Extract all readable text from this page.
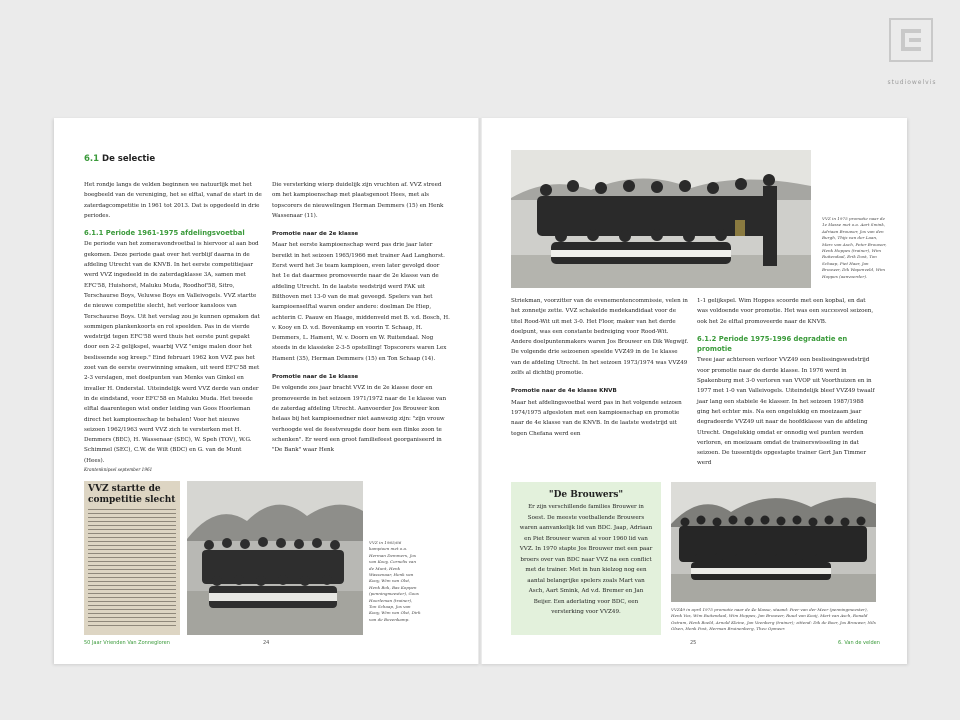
studiowelvis
6.1 De selectie

Het rondje langs de velden beginnen we natuurlijk met het boegbeeld van de vereniging, het se elftal, vanaf de start in de zaterdagcompetitie in 1961 tot 2013. Dat is opgedeeld in drie periodes.

6.1.1 Periode 1961-1975 afdelingsvoetbal

De periode van het zomeravondvoetbal is hiervoor al aan bod gekomen. Deze periode gaat over het verblijf daarna in de afdeling Utrecht van de KNVB. In het eerste competitiejaar werd VVZ ingedeeld in de zaterdagklasse 3A, samen met EFC'58, Huishorst, Maluku Muda, Roodhof'58, Sitro, Terschaurse Boys, Veluwse Boys en Valleivogels. VVZ startte de nieuwe competitie slecht, het verloor kansloos van Terschaurse Boys. Uit het verslag zou je kunnen opmaken dat sommigen plankenkoorts en rol speelden. Pas in de vierde wedstrijd tegen EFC'58 werd thuis het eerste punt gepakt door een 2-2 gelijkspel, waarbij VVZ "enige malen door het beslissende sog kreep." Eind februari 1962 kon VVZ pas het zoet van de eerste overwinning smaken, uit werd EFC'58 met 2-3 verslagen, met doelpunten van Menks van Ginkel en invaller H. Onderstal. Uiteindelijk werd VVZ derde van onder in de eindstand, voor EFC'58 en Maluku Muda. Het tweede elftal daarentegen wist onder leiding van Goos Hoorleman direct het kampioenschap te behalen! Voor het nieuwe seizoen 1962/1963 werd VVZ zich te versterken met H. Demmers (BEC), H. Wassenaar (SEC), W. Speh (TOV), W.G. Schimmel (SEC), C.W. de Wilt (BDC) en G. van de Munt (Hees).

Krantenknipsel september 1961

Die versterking wierp duidelijk zijn vruchten af. VVZ streed om het kampioenschap met plaatsgenoot Hees, met als topscorers de nieuwelingen Herman Demmers (15) en Henk Wassenaar (11).

Promotie naar de 2e klasse

Maar het eerste kampioenschap werd pas drie jaar later bereikt in het seizoen 1965/1966 met trainer Aad Langhorst. Eerst werd het 3e team kampioen, even later gevolgd door het 1e dat daarmee promoveerde naar de 2e klasse van de afdeling Utrecht. In de laatste wedstrijd werd FAK uit Bilthoven met 13-0 van de mat geveegd. Spelers van het kampioenselftal waren onder andere: doelman De Hiep, achterin C. Paauw en Haage, middenveld met B. v.d. Bosch, H. v. Kooy en D. v.d. Bovenkamp en voorin T. Schaap, H. Demmers, L. Hament, W. v. Doorn en W. Ruitendaal. Nog steeds in de klassieke 2-3-5 opstelling! Topscorers waren Lex Hament (35), Herman Demmers (15) en Ton Schaap (14).

Promotie naar de 1e klasse

De volgende zes jaar bracht VVZ in de 2e klasse door en promoveerde in het seizoen 1971/1972 naar de 1e klasse van de zaterdag afdeling Utrecht. Aanvoerder Jos Brouwer kon helaas bij het kampioenedner niet aanwezig zijn: "zijn vrouw verhoogde wel de feestvreugde door hem een flinke zoon te schenken". Er werd een groot familiefeest georganiseerd in "De Bank" waar Henk

VVZ startte de competitie slecht
VVZ in 1965/66 kampioen met o.a. Herman Demmers, Jos van Kooy, Cornelis van de Munt, Henk Wassenaar, Henk van Kooy, Wim van Olst, Henk Bok, Bas Koppen (penningmeester), Goos Hoorleman (trainer), Ton Schaap, Jos van Kooy, Wim van Olst, Dirk van de Bovenkamp.
50 Jaar Vrienden Van Zonnegloren	24
VVZ in 1975 promotie naar de 1e klasse met o.a. Aart Smink, Adriaan Brouwer, Jos van den Burgh, Thijs van der Laan, Marc van Asch, Peter Brouwer, Henk Hoppes (trainer), Wim Ruitendaal, Erik Dost, Ton Schaap, Piet Haar, Jan Brouwer, Dik Wapenveld, Wim Hoppes (aanvoerder).

Striekman, voorzitter van de evenementencommissie, velen in het zonnetje zette. VVZ schakelde medekandidaat voor de titel Rood-Wit uit met 3-0. Het Floor, maker van het derde doelpunt, was een constante bedreiging voor Rood-Wit. Andere doelpuntenmakers waren Jos Brouwer en Dik Wegwijf. De volgende drie seizoenen speelde VVZ49 in de 1e klasse van de afdeling Utrecht. In het seizoen 1973/1974 was VVZ49 zelfs al dichtbij promotie.

Promotie naar de 4e klasse KNVB

Maar het afdelingsvoetbal werd pas in het volgende seizoen 1974/1975 afgesloten met een kampioenschap en promotie naar de 4e klasse van de KNVB. In de laatste wedstrijd uit tegen Chefana werd een

1-1 gelijkspel. Wim Hoppes scoorde met een kopbal, en dat was voldoende voor promotie. Het was een succesvol seizoen, ook het 2e elftal promoveerde naar de KNVB.

6.1.2 Periode 1975-1996 degradatie en promotie

Twee jaar achtereen verloor VVZ49 een beslissingswedstrijd voor promotie naar de derde klasse. In 1976 werd in Spakenburg met 3-0 verloren van VVOP uit Voorthuizen en in 1977 met 1-0 van Valleivogels. Uiteindelijk bleef VVZ49 twaalf jaar lang een stabiele 4e klasser. In het seizoen 1987/1988 ging het echter mis. Na een ongelukkig en moeizaam jaar degradeerde VVZ49 uit naar de hoofdklasse van de afdeling Utrecht. Ongelukkig omdat er onnodig wel punten werden verloren, en moeizaam omdat de trainerswisseling in dat seizoen. De tussentijds opgestapte trainer Gert Jan Timmer werd

"De Brouwers"
Er zijn verschillende families Brouwer in Soest. De meeste voetballende Brouwers waren aanvankelijk lid van BDC. Jaap, Adriaan en Piet Brouwer waren al voor 1960 lid van VVZ. In 1970 stapte Jos Brouwer met een paar broers over van BDC naar VVZ na een conflict met de trainer. Met in hun kielzog nog een aantal belangrijke spelers zoals Mart van Asch, Aart Smink, Ad v.d. Bremer en Jan Beijer. Een aderlating voor BDC, een versterking voor VVZ49.	VVZ49 in april 1975 promotie naar de 4e klasse, staand: Peer van der Meer (penningmeester), Henk Vos, Wim Ruitendaal, Wim Hoppes, Jan Brouwer, Ruud van Kooij, Mart van Asch, Ronald Ostram, Henk Boeld, Arnold Kleine, Jan Veenberg (trainer); zittend: Dik de Boer, Jos Brouwer, Nils Olsen, Henk Post, Herman Bruinenberg, Theo Opmeer.
25	6. Van de velden
